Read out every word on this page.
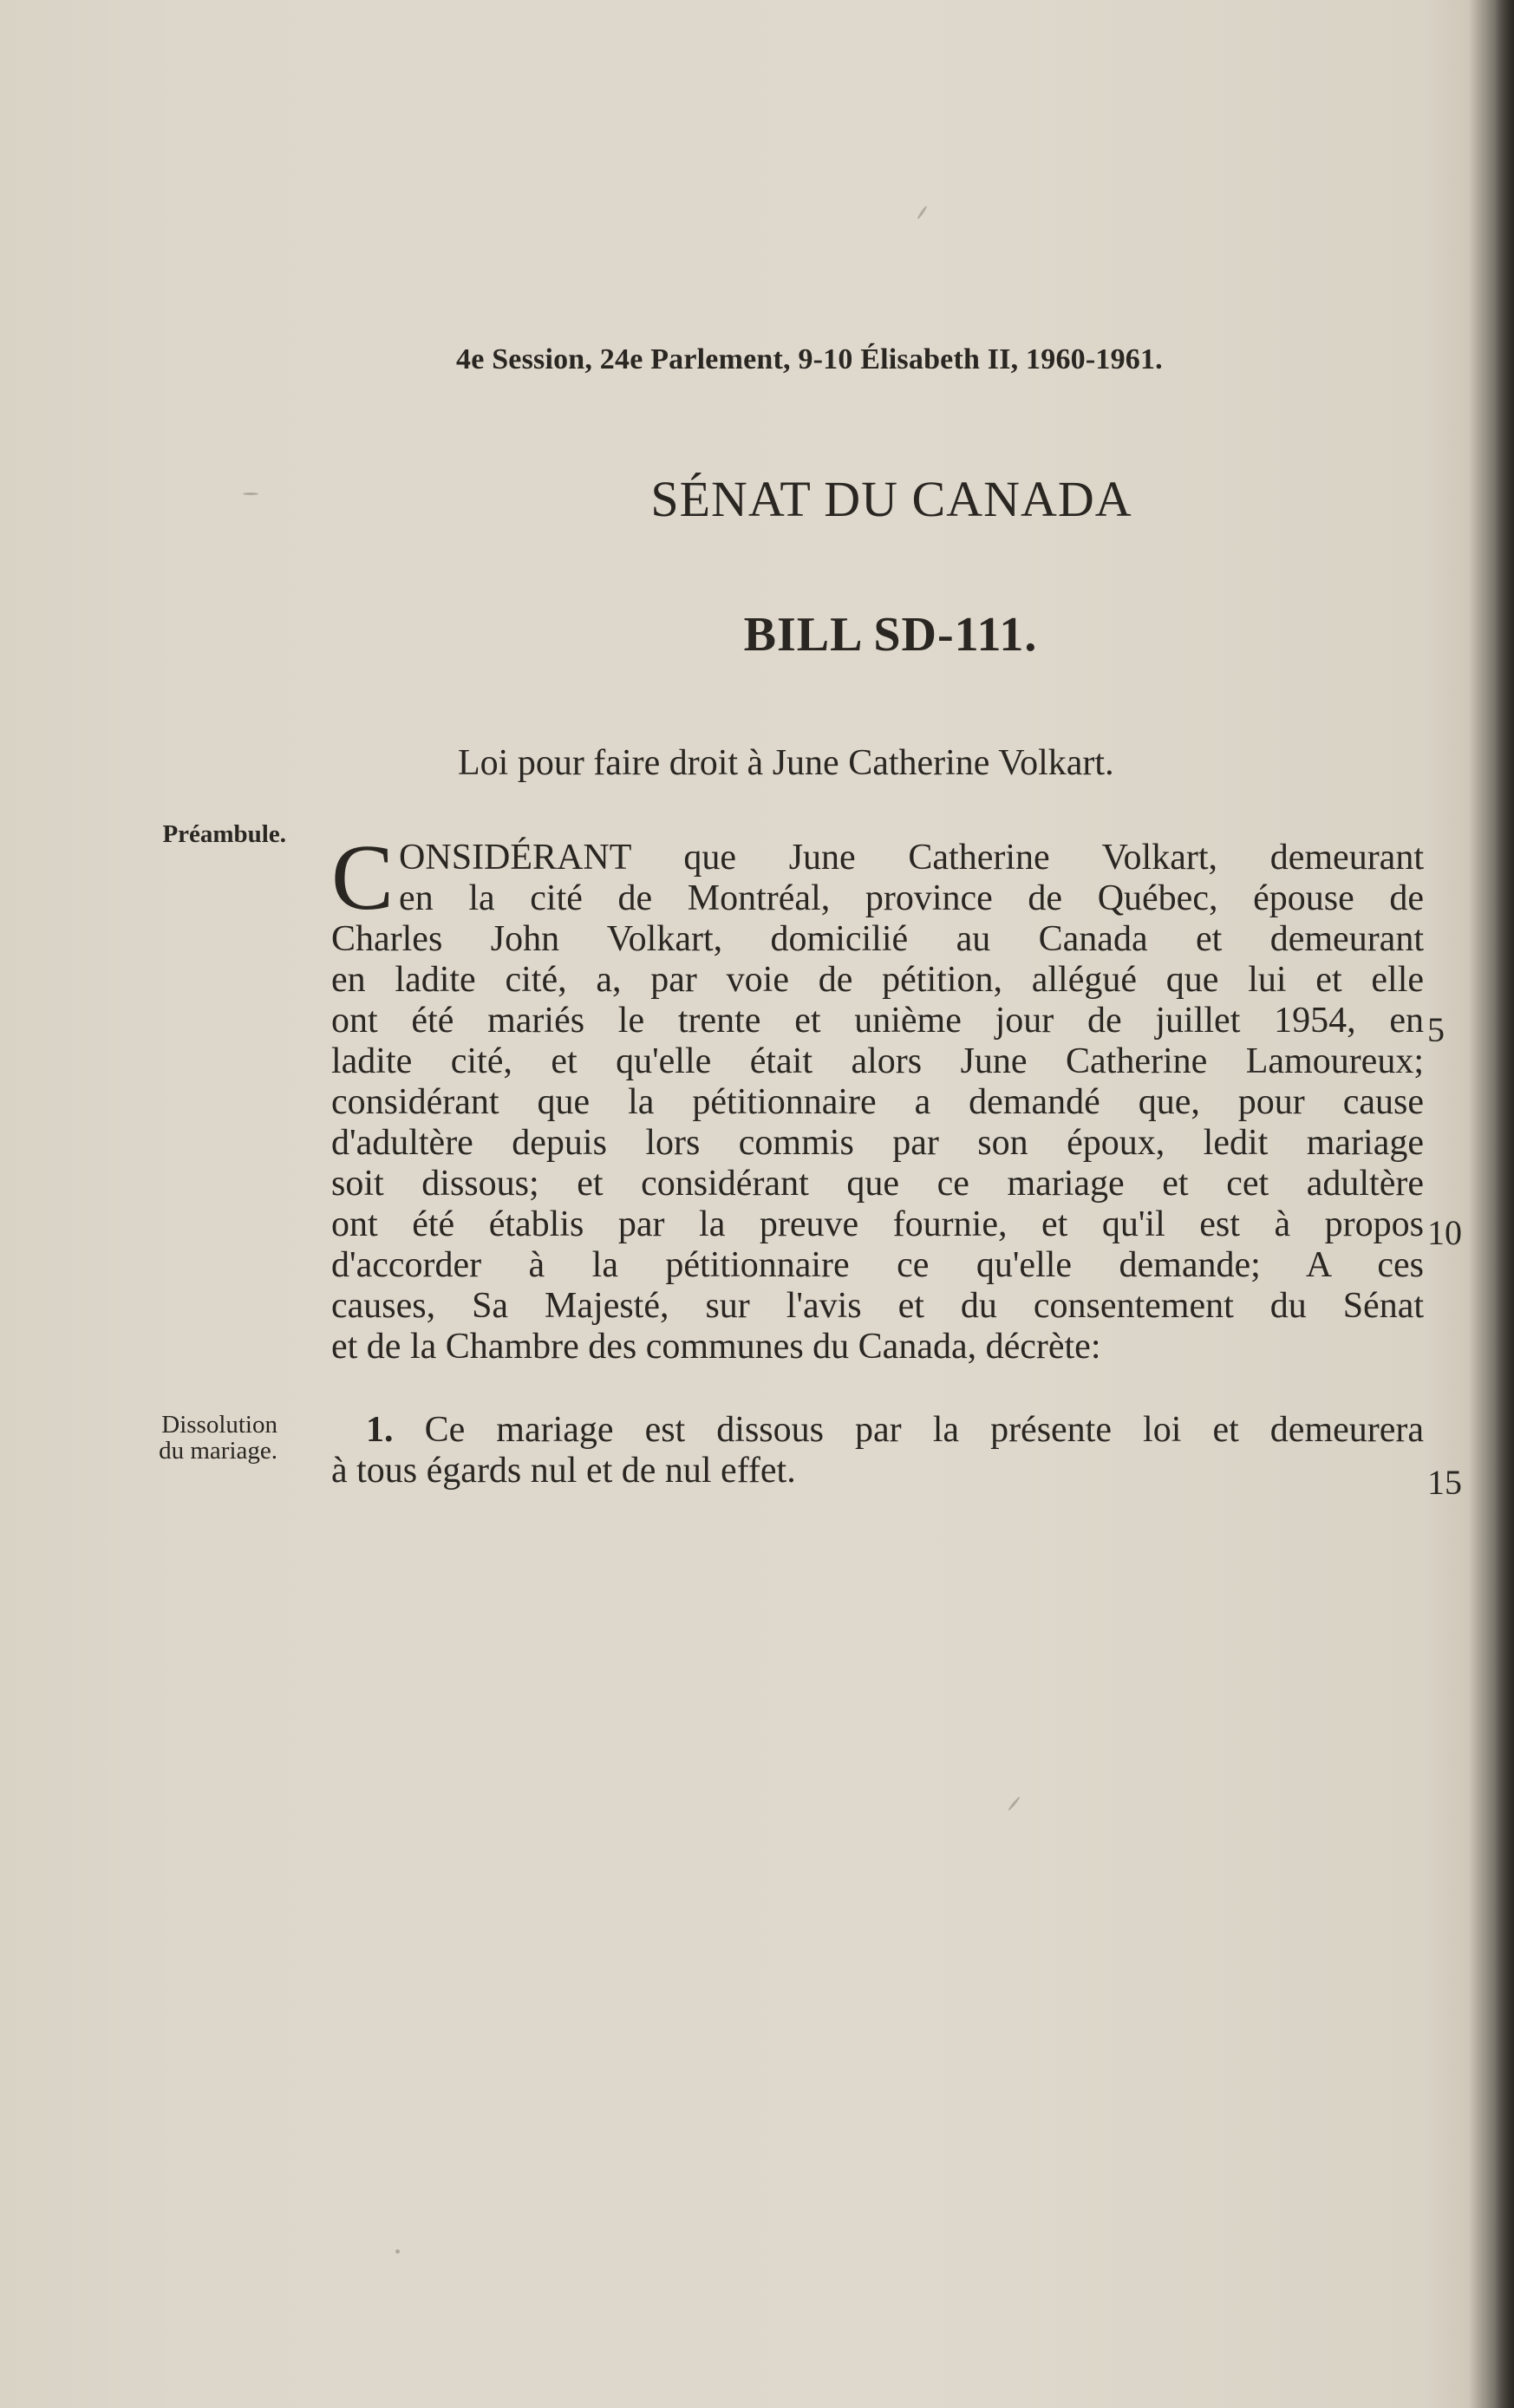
4e Session, 24e Parlement, 9-10 Élisabeth II, 1960-1961.
SÉNAT DU CANADA
BILL SD-111.
Loi pour faire droit à June Catherine Volkart.
Préambule.
Dissolution
du mariage.
C ONSIDÉRANT que June Catherine Volkart, demeurant
en la cité de Montréal, province de Québec, épouse de
Charles John Volkart, domicilié au Canada et demeurant
en ladite cité, a, par voie de pétition, allégué que lui et elle
ont été mariés le trente et unième jour de juillet 1954, en
ladite cité, et qu'elle était alors June Catherine Lamoureux;
considérant que la pétitionnaire a demandé que, pour cause
d'adultère depuis lors commis par son époux, ledit mariage
soit dissous; et considérant que ce mariage et cet adultère
ont été établis par la preuve fournie, et qu'il est à propos
d'accorder à la pétitionnaire ce qu'elle demande; A ces
causes, Sa Majesté, sur l'avis et du consentement du Sénat
et de la Chambre des communes du Canada, décrète:
1. Ce mariage est dissous par la présente loi et demeurera
à tous égards nul et de nul effet.
5
10
15
